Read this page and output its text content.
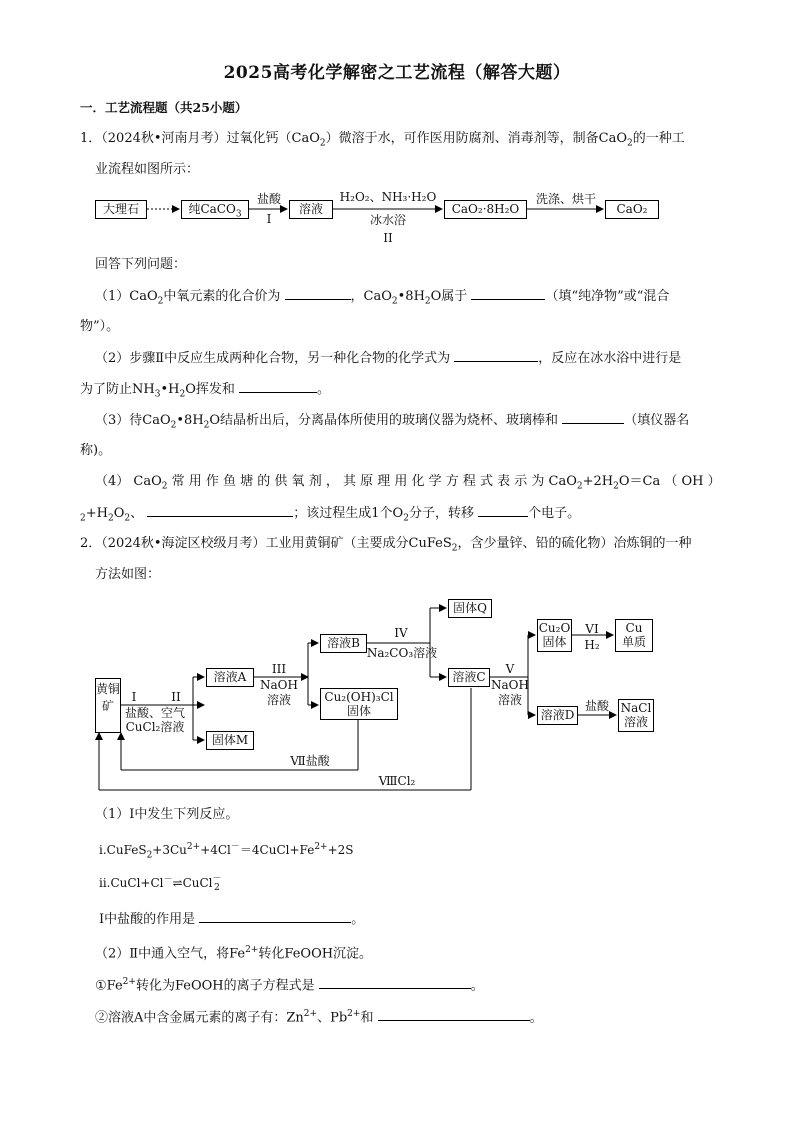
2025高考化学解密之工艺流程（解答大题）
一．工艺流程题（共25小题）
1．（2024秋•河南月考）过氧化钙（CaO$_2$）微溶于水，可作医用防腐剂、消毒剂等，制备CaO$_2$的一种工
业流程如图所示：
大理石	纯CaCO$_3$
盐酸
I
溶液
H₂O₂、NH₃·H₂O
冰水浴
II
CaO₂·8H₂O
洗涤、烘干
CaO₂
回答下列问题：
（1）CaO$_2$中氧元素的化合价为	，$CaO_2•8H_2O$属于	（填“纯净物”或“混合
物”）。
（2）步骤Ⅱ中反应生成两种化合物，另一种化合物的化学式为	，反应在冰水浴中进行是
为了防止$NH_3•H_2O$挥发和	。
（3）待$CaO_2•8H_2O$结晶析出后，分离晶体所使用的玻璃仪器为烧杯、玻璃棒和	（填仪器名
称)。
（4） CaO$_2$ 常 用 作 鱼 塘 的 供 氧 剂 ， 其 原 理 用 化 学 方 程 式 表 示 为 $CaO_2+2H_2O=Ca$ （ OH ）
$_2+H_2O_2$、	；该过程生成1个$O_2$分子，转移	个电子。
2．（2024秋•海淀区校级月考）工业用黄铜矿（主要成分CuFeS$_2$，含少量锌、铅的硫化物）冶炼铜的一种
方法如图：
黄铜矿
I	II
盐酸、空气
CuCl₂溶液
溶液A
固体M
III
NaOH
溶液
溶液B
Cu₂(OH)₃Cl
固体
IV
Na₂CO₃溶液
固体Q
溶液C
V
NaOH
溶液
Cu₂O
固体
VI
H₂
Cu
单质
溶液D
盐酸 NaCl
溶液
Ⅶ盐酸
ⅧCl₂
（1）Ⅰ中发生下列反应。
$ⅰ.CuFeS_2+3Cu^{2+}+4Cl^-=4CuCl+Fe^{2+}+2S$
ⅱ.CuCl+Cl－⇌CuCl－
2
Ⅰ中盐酸的作用是	。
（2）Ⅱ中通入空气，将$Fe^{2+}$转化FeOOH沉淀。
$①Fe^{2+}$转化为FeOOH的离子方程式是	。
②溶液A中含金属元素的离子有：$Zn^{2+}$、$Pb^{2+}$和	。
